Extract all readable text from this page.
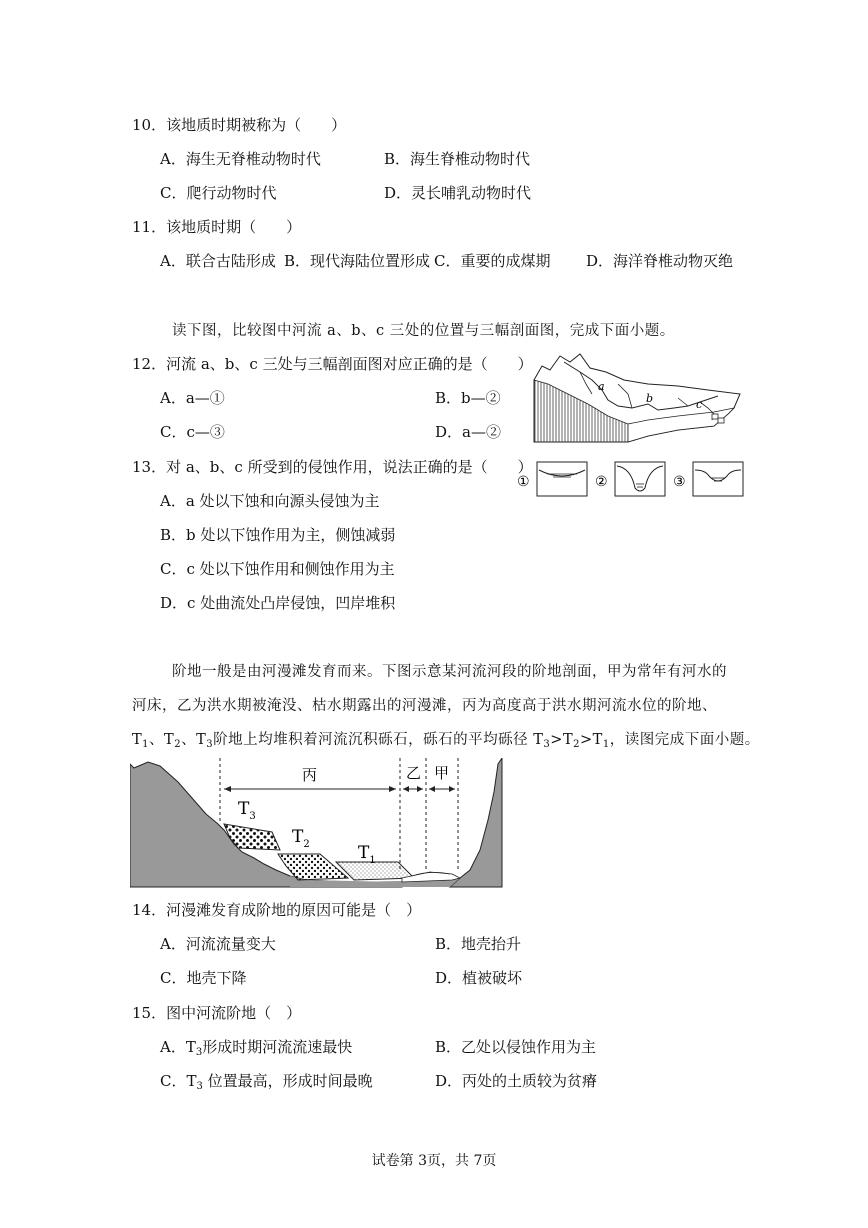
10．该地质时期被称为（　　）
A．海生无脊椎动物时代	B．海生脊椎动物时代
C．爬行动物时代	D．灵长哺乳动物时代
11．该地质时期（　　）
A．联合古陆形成 B．现代海陆位置形成 C．重要的成煤期 D．海洋脊椎动物灭绝
读下图，比较图中河流 a、b、c 三处的位置与三幅剖面图，完成下面小题。
12．河流 a、b、c 三处与三幅剖面图对应正确的是（　　）
A．a—①	B．b—②
C．c—③	D．a—②
13．对 a、b、c 所受到的侵蚀作用，说法正确的是（　　）
A．a 处以下蚀和向源头侵蚀为主
B．b 处以下蚀作用为主，侧蚀减弱
C．c 处以下蚀作用和侧蚀作用为主
D．c 处曲流处凸岸侵蚀，凹岸堆积
a
b	c
①	②	③
阶地一般是由河漫滩发育而来。下图示意某河流河段的阶地剖面，甲为常年有河水的
河床，乙为洪水期被淹没、枯水期露出的河漫滩，丙为高度高于洪水期河流水位的阶地、
$T_1$、$T_2$、$T_3$阶地上均堆积着河流沉积砾石，砾石的平均砾径 $T_3>T_2>T_1$，读图完成下面小题。
丙	乙 甲
$T_3$
$T_2$	$T_1$
14．河漫滩发育成阶地的原因可能是（　）
A．河流流量变大	B．地壳抬升
C．地壳下降	D．植被破坏
15．图中河流阶地（　）
A．$T_3$形成时期河流流速最快	B．乙处以侵蚀作用为主
C．$T_3$ 位置最高，形成时间最晚	D．丙处的土质较为贫瘠
试卷第 3页，共 7页
